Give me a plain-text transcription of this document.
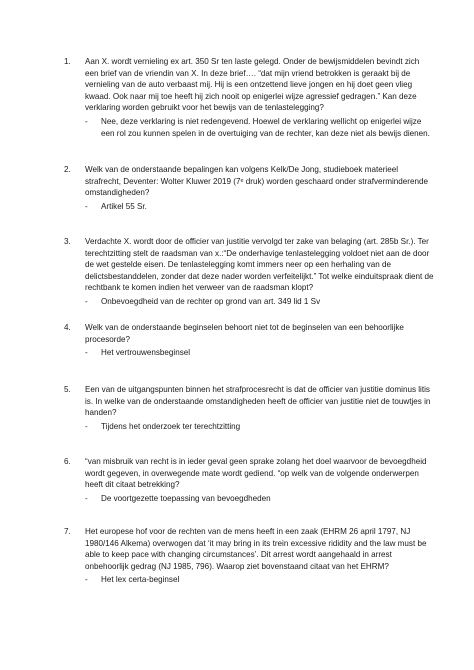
1. Aan X. wordt vernieling ex art. 350 Sr ten laste gelegd. Onder de bewijsmiddelen bevindt zich een brief van de vriendin van X. In deze brief…. “dat mijn vriend betrokken is geraakt bij de vernieling van de auto verbaast mij. Hij is een ontzettend lieve jongen en hij doet geen vlieg kwaad. Ook naar mij toe heeft hij zich nooit op enigerlei wijze agressief gedragen.” Kan deze verklaring worden gebruikt voor het bewijs van de tenlastelegging?
- Nee, deze verklaring is niet redengevend. Hoewel de verklaring wellicht op enigerlei wijze een rol zou kunnen spelen in de overtuiging van de rechter, kan deze niet als bewijs dienen.
2. Welk van de onderstaande bepalingen kan volgens Kelk/De Jong, studieboek materieel strafrecht, Deventer: Wolter Kluwer 2019 (7ᵉ druk) worden geschaard onder strafverminderende omstandigheden?
- Artikel 55 Sr.
3. Verdachte X. wordt door de officier van justitie vervolgd ter zake van belaging (art. 285b Sr.). Ter terechtzitting stelt de raadsman van x.:“De onderhavige tenlastelegging voldoet niet aan de door de wet gestelde eisen. De tenlastelegging komt immers neer op een herhaling van de delictsbestanddelen, zonder dat deze nader worden verfeitelijkt.” Tot welke einduitspraak dient de rechtbank te komen indien het verweer van de raadsman klopt?
- Onbevoegdheid van de rechter op grond van art. 349 lid 1 Sv
4. Welk van de onderstaande beginselen behoort niet tot de beginselen van een behoorlijke procesorde?
- Het vertrouwensbeginsel
5. Een van de uitgangspunten binnen het strafprocesrecht is dat de officier van justitie dominus litis is. In welke van de onderstaande omstandigheden heeft de officier van justitie niet de touwtjes in handen?
- Tijdens het onderzoek ter terechtzitting
6. “van misbruik van recht is in ieder geval geen sprake zolang het doel waarvoor de bevoegdheid wordt gegeven, in overwegende mate wordt gediend. “op welk van de volgende onderwerpen heeft dit citaat betrekking?
- De voortgezette toepassing van bevoegdheden
7. Het europese hof voor de rechten van de mens heeft in een zaak (EHRM 26 april 1797, NJ 1980/146 Alkema) overwogen dat ‘it may bring in its trein excessive rididity and the law must be able to keep pace with changing circumstances’. Dit arrest wordt aangehaald in arrest onbehoorlijk gedrag (NJ 1985, 796). Waarop ziet bovenstaand citaat van het EHRM?
- Het lex certa-beginsel
